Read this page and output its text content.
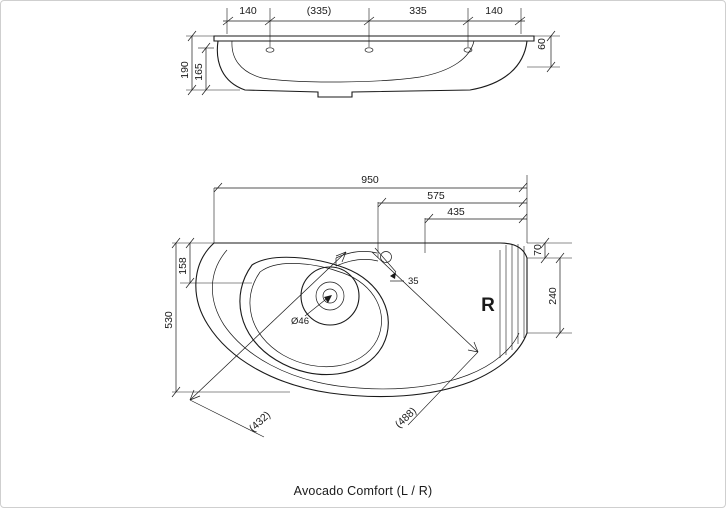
140	(335)	335	140
190 165
60
950
575
435
Ø46
35
158
530
70
240
(432)	(488)
R
Avocado Comfort (L / R)
